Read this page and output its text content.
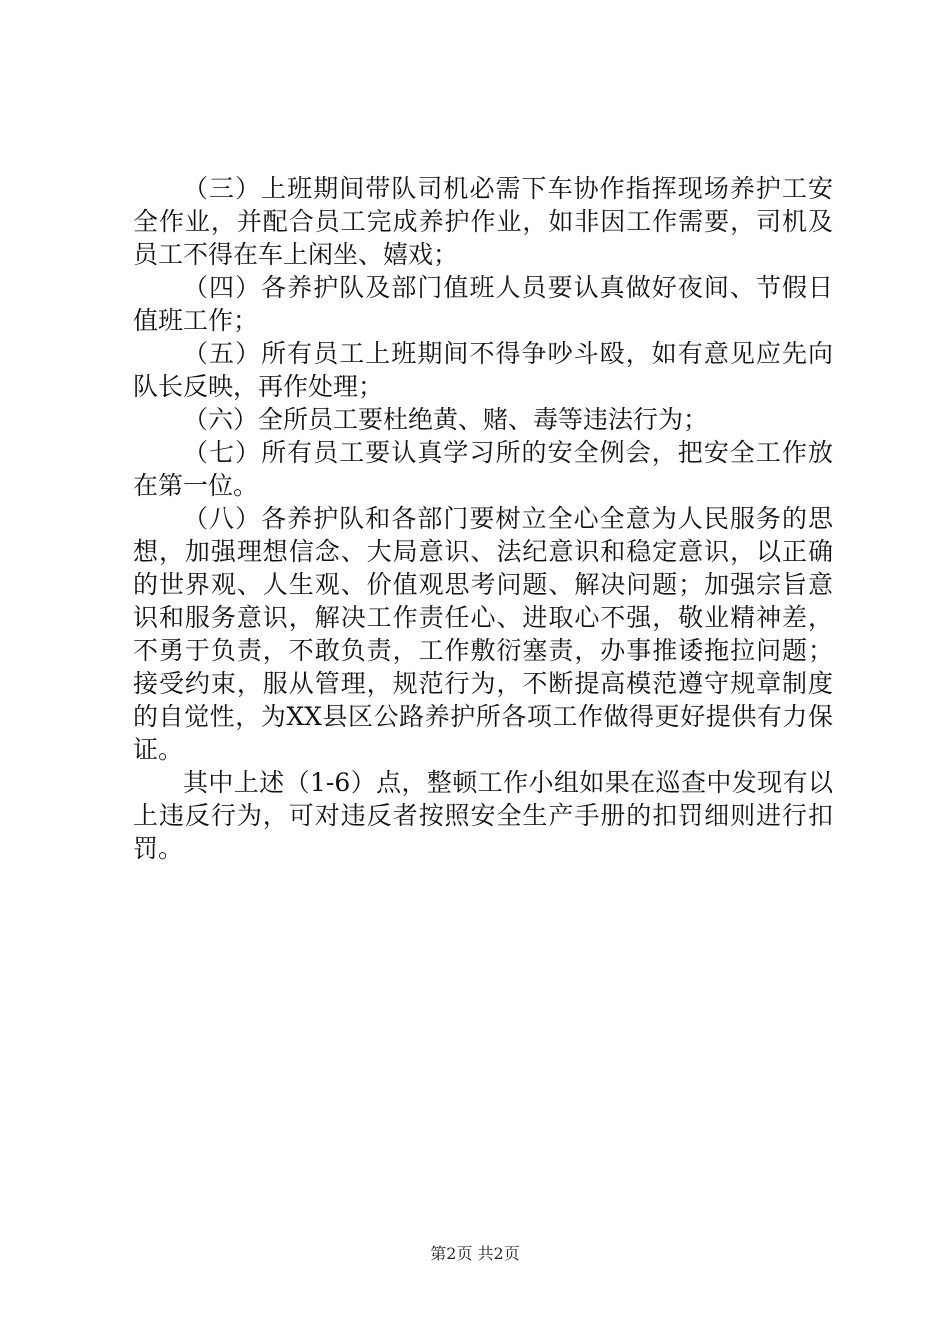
（三）上班期间带队司机必需下车协作指挥现场养护工安
全作业，并配合员工完成养护作业，如非因工作需要，司机及
员工不得在车上闲坐、嬉戏；
（四）各养护队及部门值班人员要认真做好夜间、节假日
值班工作；
（五）所有员工上班期间不得争吵斗殴，如有意见应先向
队长反映，再作处理；
（六）全所员工要杜绝黄、赌、毒等违法行为；
（七）所有员工要认真学习所的安全例会，把安全工作放
在第一位。
（八）各养护队和各部门要树立全心全意为人民服务的思
想，加强理想信念、大局意识、法纪意识和稳定意识，以正确
的世界观、人生观、价值观思考问题、解决问题；加强宗旨意
识和服务意识，解决工作责任心、进取心不强，敬业精神差，
不勇于负责，不敢负责，工作敷衍塞责，办事推诿拖拉问题；
接受约束，服从管理，规范行为，不断提高模范遵守规章制度
的自觉性，为XX县区公路养护所各项工作做得更好提供有力保
证。
其中上述（1-6）点，整顿工作小组如果在巡查中发现有以
上违反行为，可对违反者按照安全生产手册的扣罚细则进行扣
罚。
第2页 共2页
